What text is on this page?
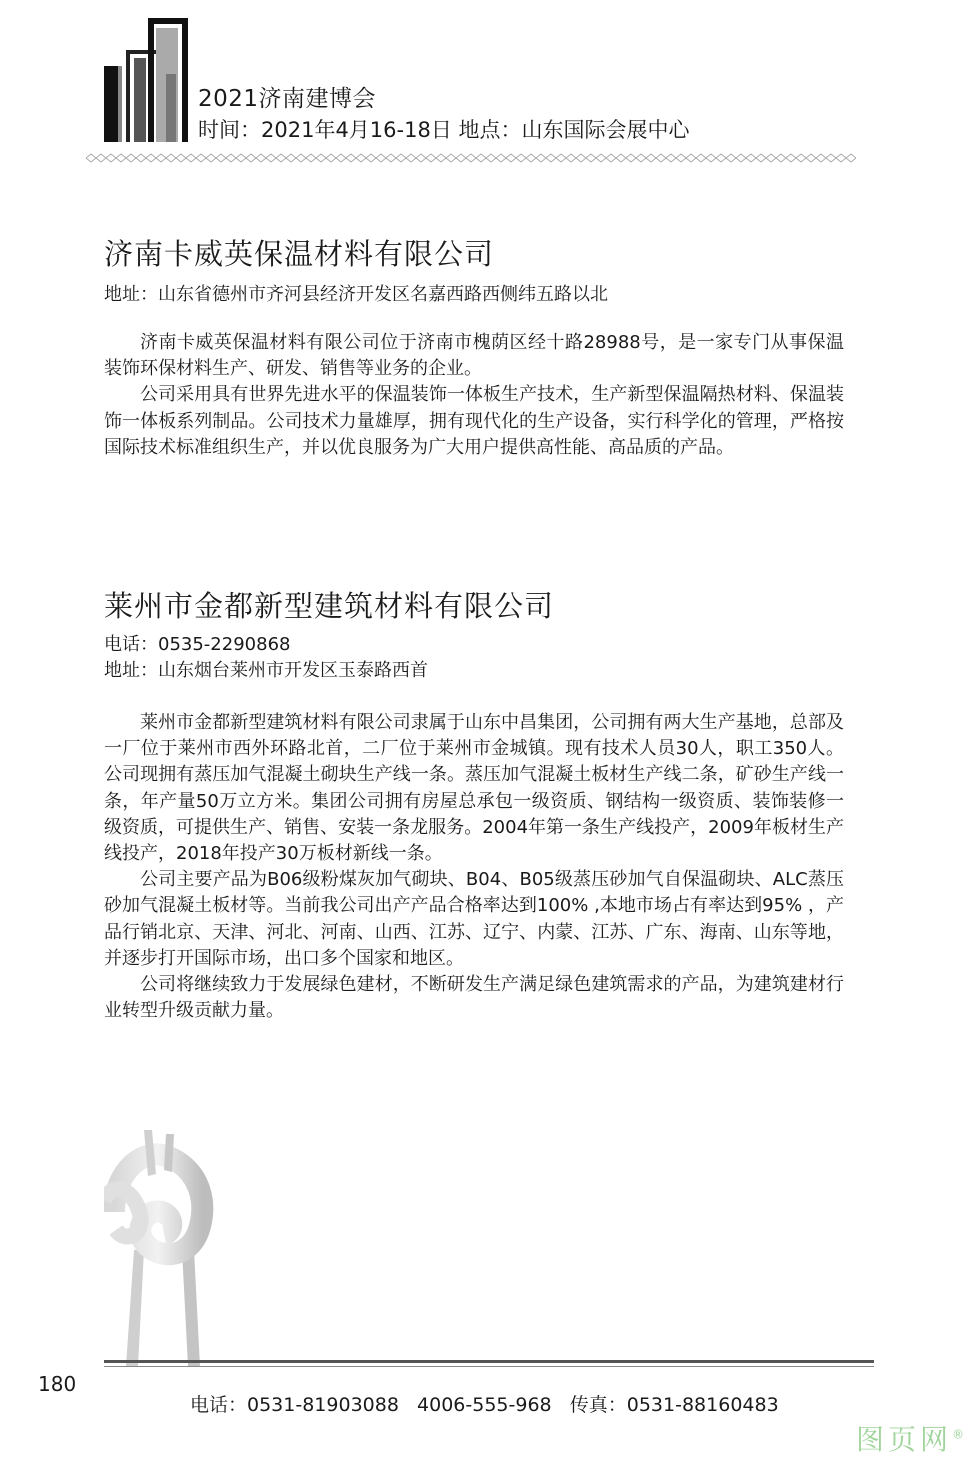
2021济南建博会
时间：2021年4月16-18日 地点：山东国际会展中心
济南卡威英保温材料有限公司
地址：山东省德州市齐河县经济开发区名嘉西路西侧纬五路以北

济南卡威英保温材料有限公司位于济南市槐荫区经十路28988号，是一家专门从事保温装饰环保材料生产、研发、销售等业务的企业。

公司采用具有世界先进水平的保温装饰一体板生产技术，生产新型保温隔热材料、保温装饰一体板系列制品。公司技术力量雄厚，拥有现代化的生产设备，实行科学化的管理，严格按国际技术标准组织生产，并以优良服务为广大用户提供高性能、高品质的产品。

莱州市金都新型建筑材料有限公司
电话：0535-2290868
地址：山东烟台莱州市开发区玉泰路西首

莱州市金都新型建筑材料有限公司隶属于山东中昌集团，公司拥有两大生产基地，总部及一厂位于莱州市西外环路北首，二厂位于莱州市金城镇。现有技术人员30人，职工350人。公司现拥有蒸压加气混凝土砌块生产线一条。蒸压加气混凝土板材生产线二条，矿砂生产线一条，年产量50万立方米。集团公司拥有房屋总承包一级资质、钢结构一级资质、装饰装修一级资质，可提供生产、销售、安装一条龙服务。2004年第一条生产线投产，2009年板材生产线投产，2018年投产30万板材新线一条。

公司主要产品为B06级粉煤灰加气砌块、B04、B05级蒸压砂加气自保温砌块、ALC蒸压砂加气混凝土板材等。当前我公司出产产品合格率达到100% ,本地市场占有率达到95% ，产品行销北京、天津、河北、河南、山西、江苏、辽宁、内蒙、江苏、广东、海南、山东等地，并逐步打开国际市场，出口多个国家和地区。

公司将继续致力于发展绿色建材，不断研发生产满足绿色建筑需求的产品，为建筑建材行业转型升级贡献力量。

180
电话：0531-81903088   4006-555-968   传真：0531-88160483
图页网®
